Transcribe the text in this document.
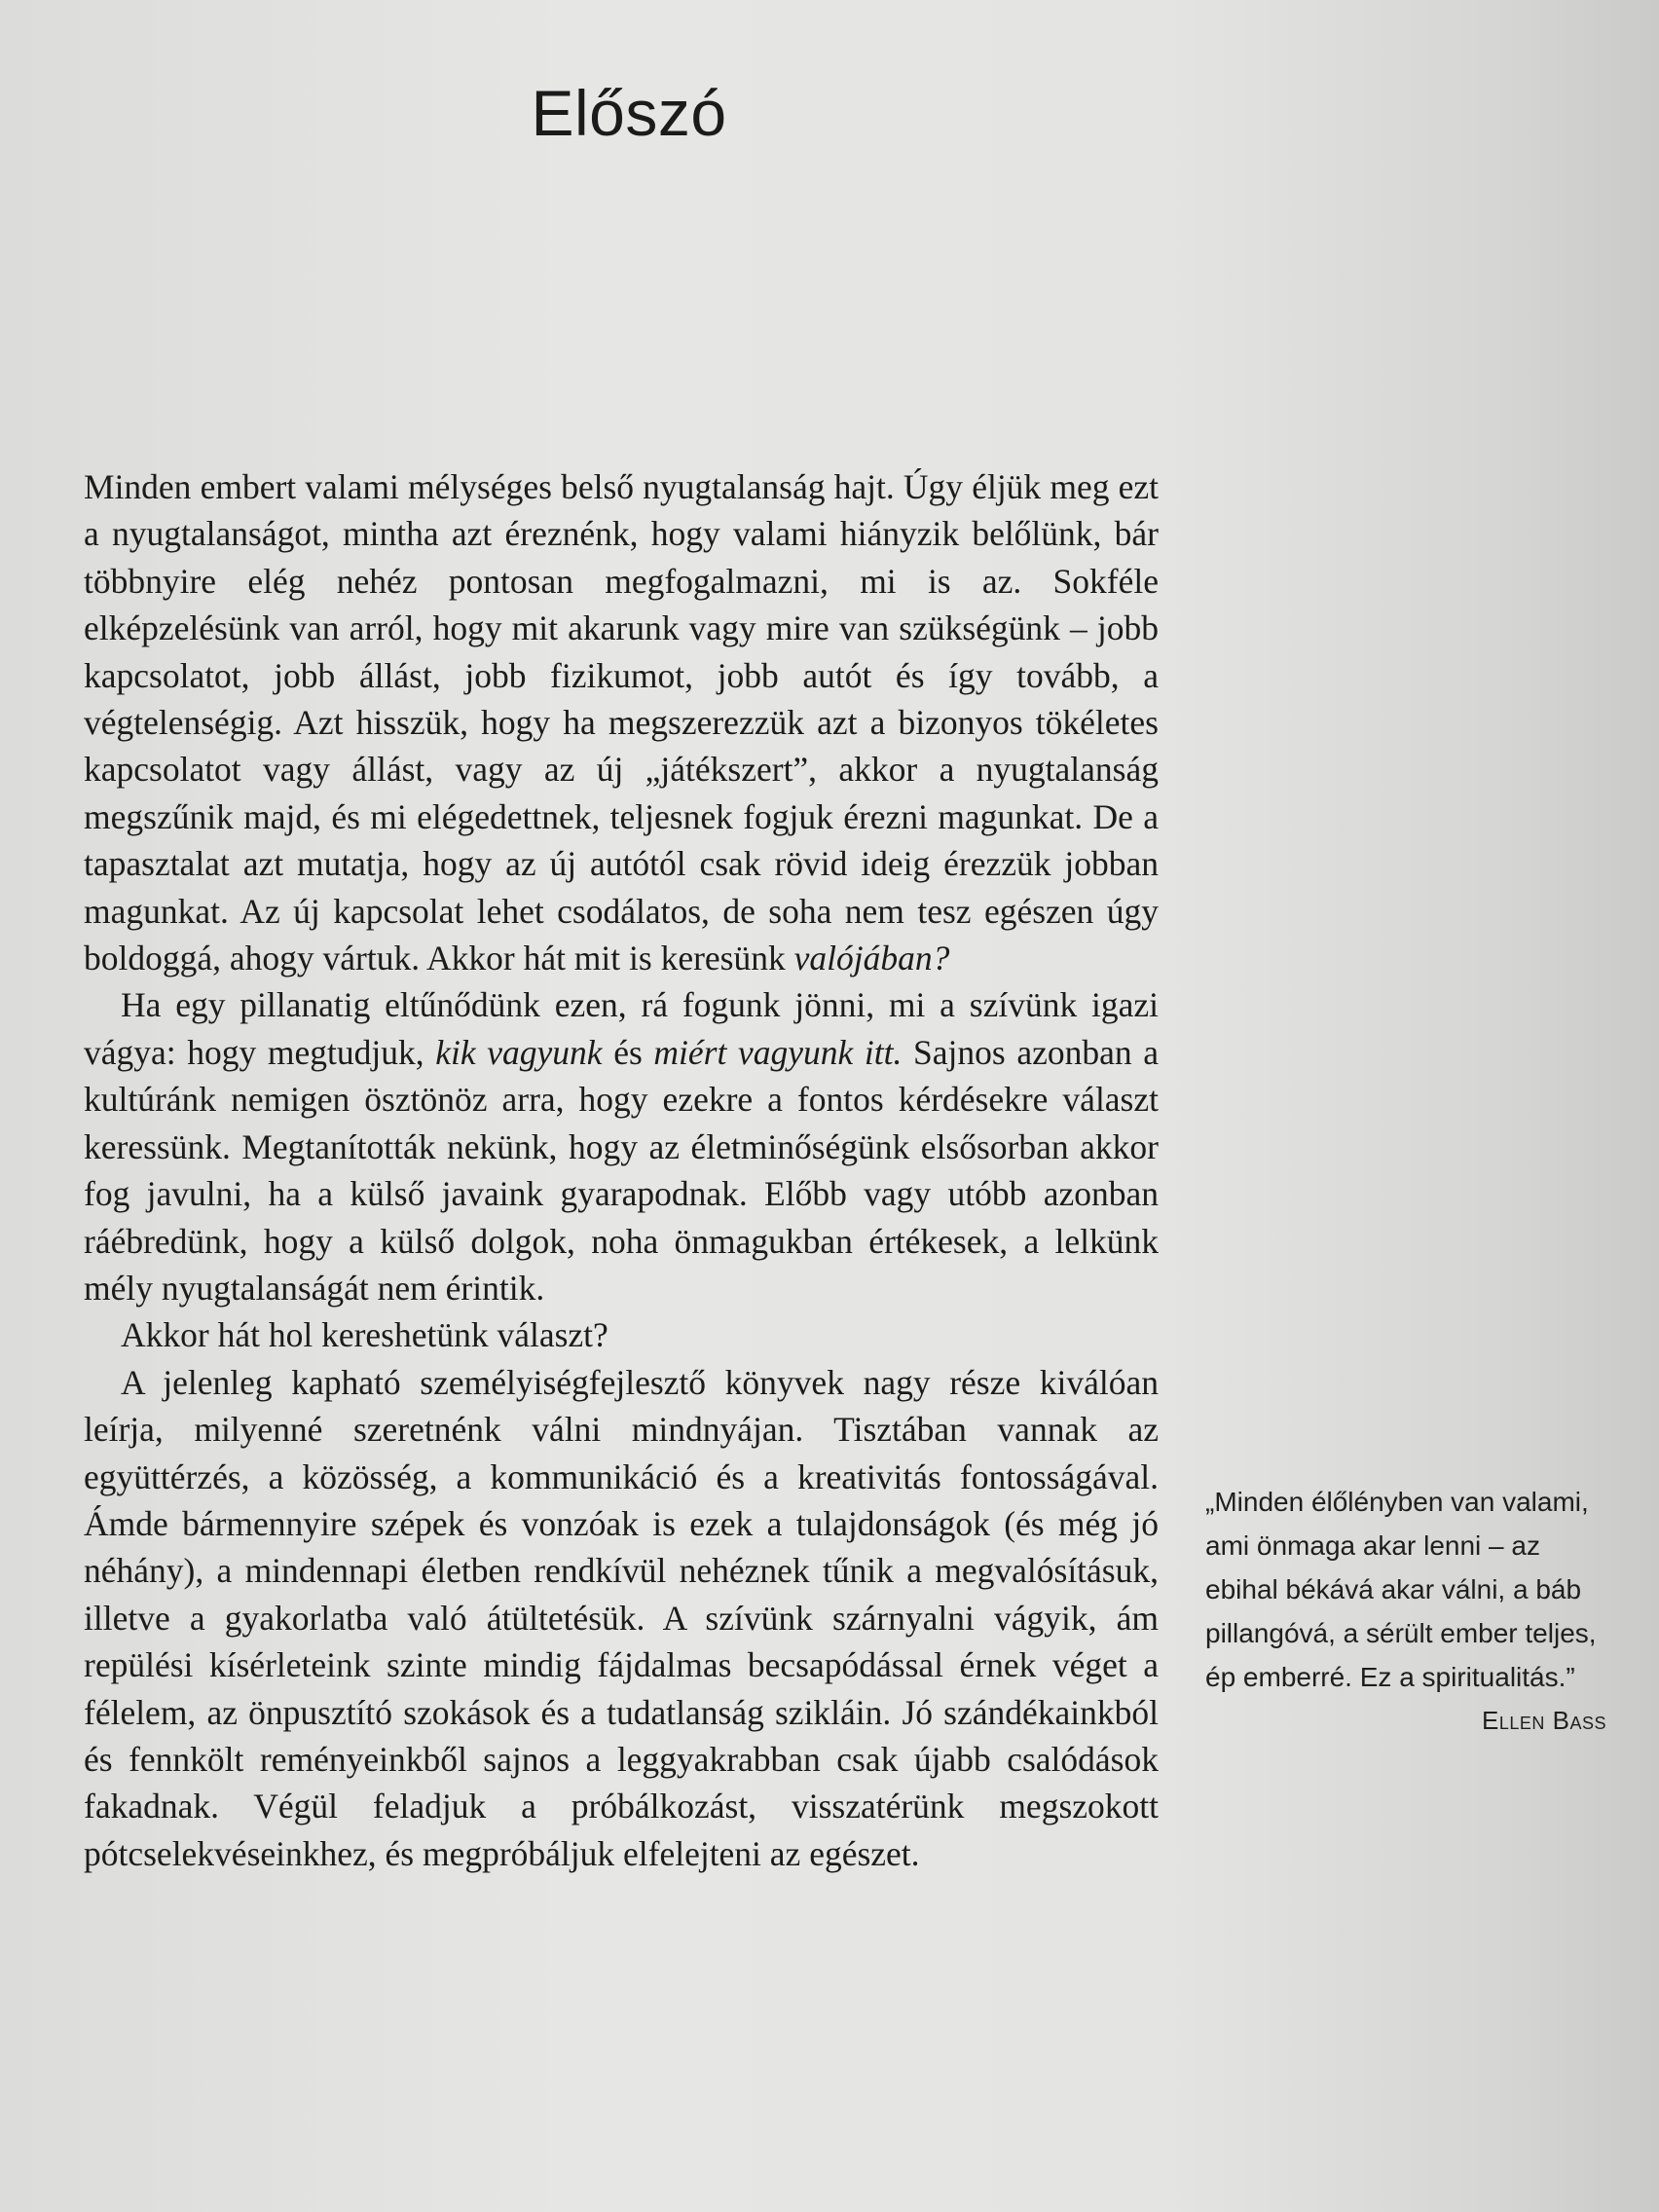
Előszó

Minden embert valami mélységes belső nyugtalanság hajt. Úgy éljük meg ezt a nyugtalanságot, mintha azt éreznénk, hogy valami hiányzik belőlünk, bár többnyire elég nehéz pontosan megfogalmazni, mi is az. Sokféle elképzelésünk van arról, hogy mit akarunk vagy mire van szükségünk – jobb kapcsolatot, jobb állást, jobb fizikumot, jobb autót és így tovább, a végtelenségig. Azt hisszük, hogy ha megszerezzük azt a bizonyos tökéletes kapcsolatot vagy állást, vagy az új „játékszert”, akkor a nyugtalanság megszűnik majd, és mi elégedettnek, teljesnek fogjuk érezni magunkat. De a tapasztalat azt mutatja, hogy az új autótól csak rövid ideig érezzük jobban magunkat. Az új kapcsolat lehet csodálatos, de soha nem tesz egészen úgy boldoggá, ahogy vártuk. Akkor hát mit is keresünk valójában?

Ha egy pillanatig eltűnődünk ezen, rá fogunk jönni, mi a szívünk igazi vágya: hogy megtudjuk, kik vagyunk és miért vagyunk itt. Sajnos azonban a kultúránk nemigen ösztönöz arra, hogy ezekre a fontos kérdésekre választ keressünk. Megtanították nekünk, hogy az életminőségünk elsősorban akkor fog javulni, ha a külső javaink gyarapodnak. Előbb vagy utóbb azonban ráébredünk, hogy a külső dolgok, noha önmagukban értékesek, a lelkünk mély nyugtalanságát nem érintik.

Akkor hát hol kereshetünk választ?

A jelenleg kapható személyiségfejlesztő könyvek nagy része kiválóan leírja, milyenné szeretnénk válni mindnyájan. Tisztában vannak az együttérzés, a közösség, a kommunikáció és a kreativitás fontosságával. Ámde bármennyire szépek és vonzóak is ezek a tulajdonságok (és még jó néhány), a mindennapi életben rendkívül nehéznek tűnik a megvalósításuk, illetve a gyakorlatba való átültetésük. A szívünk szárnyalni vágyik, ám repülési kísérleteink szinte mindig fájdalmas becsapódással érnek véget a félelem, az önpusztító szokások és a tudatlanság szikláin. Jó szándékainkból és fennkölt reményeinkből sajnos a leggyakrabban csak újabb csalódások fakadnak. Végül feladjuk a próbálkozást, visszatérünk megszokott pótcselekvéseinkhez, és megpróbáljuk elfelejteni az egészet.

„Minden élőlényben van valami, ami önmaga akar lenni – az ebihal békává akar válni, a báb pillangóvá, a sérült ember teljes, ép emberré. Ez a spiritualitás.”

Ellen Bass
